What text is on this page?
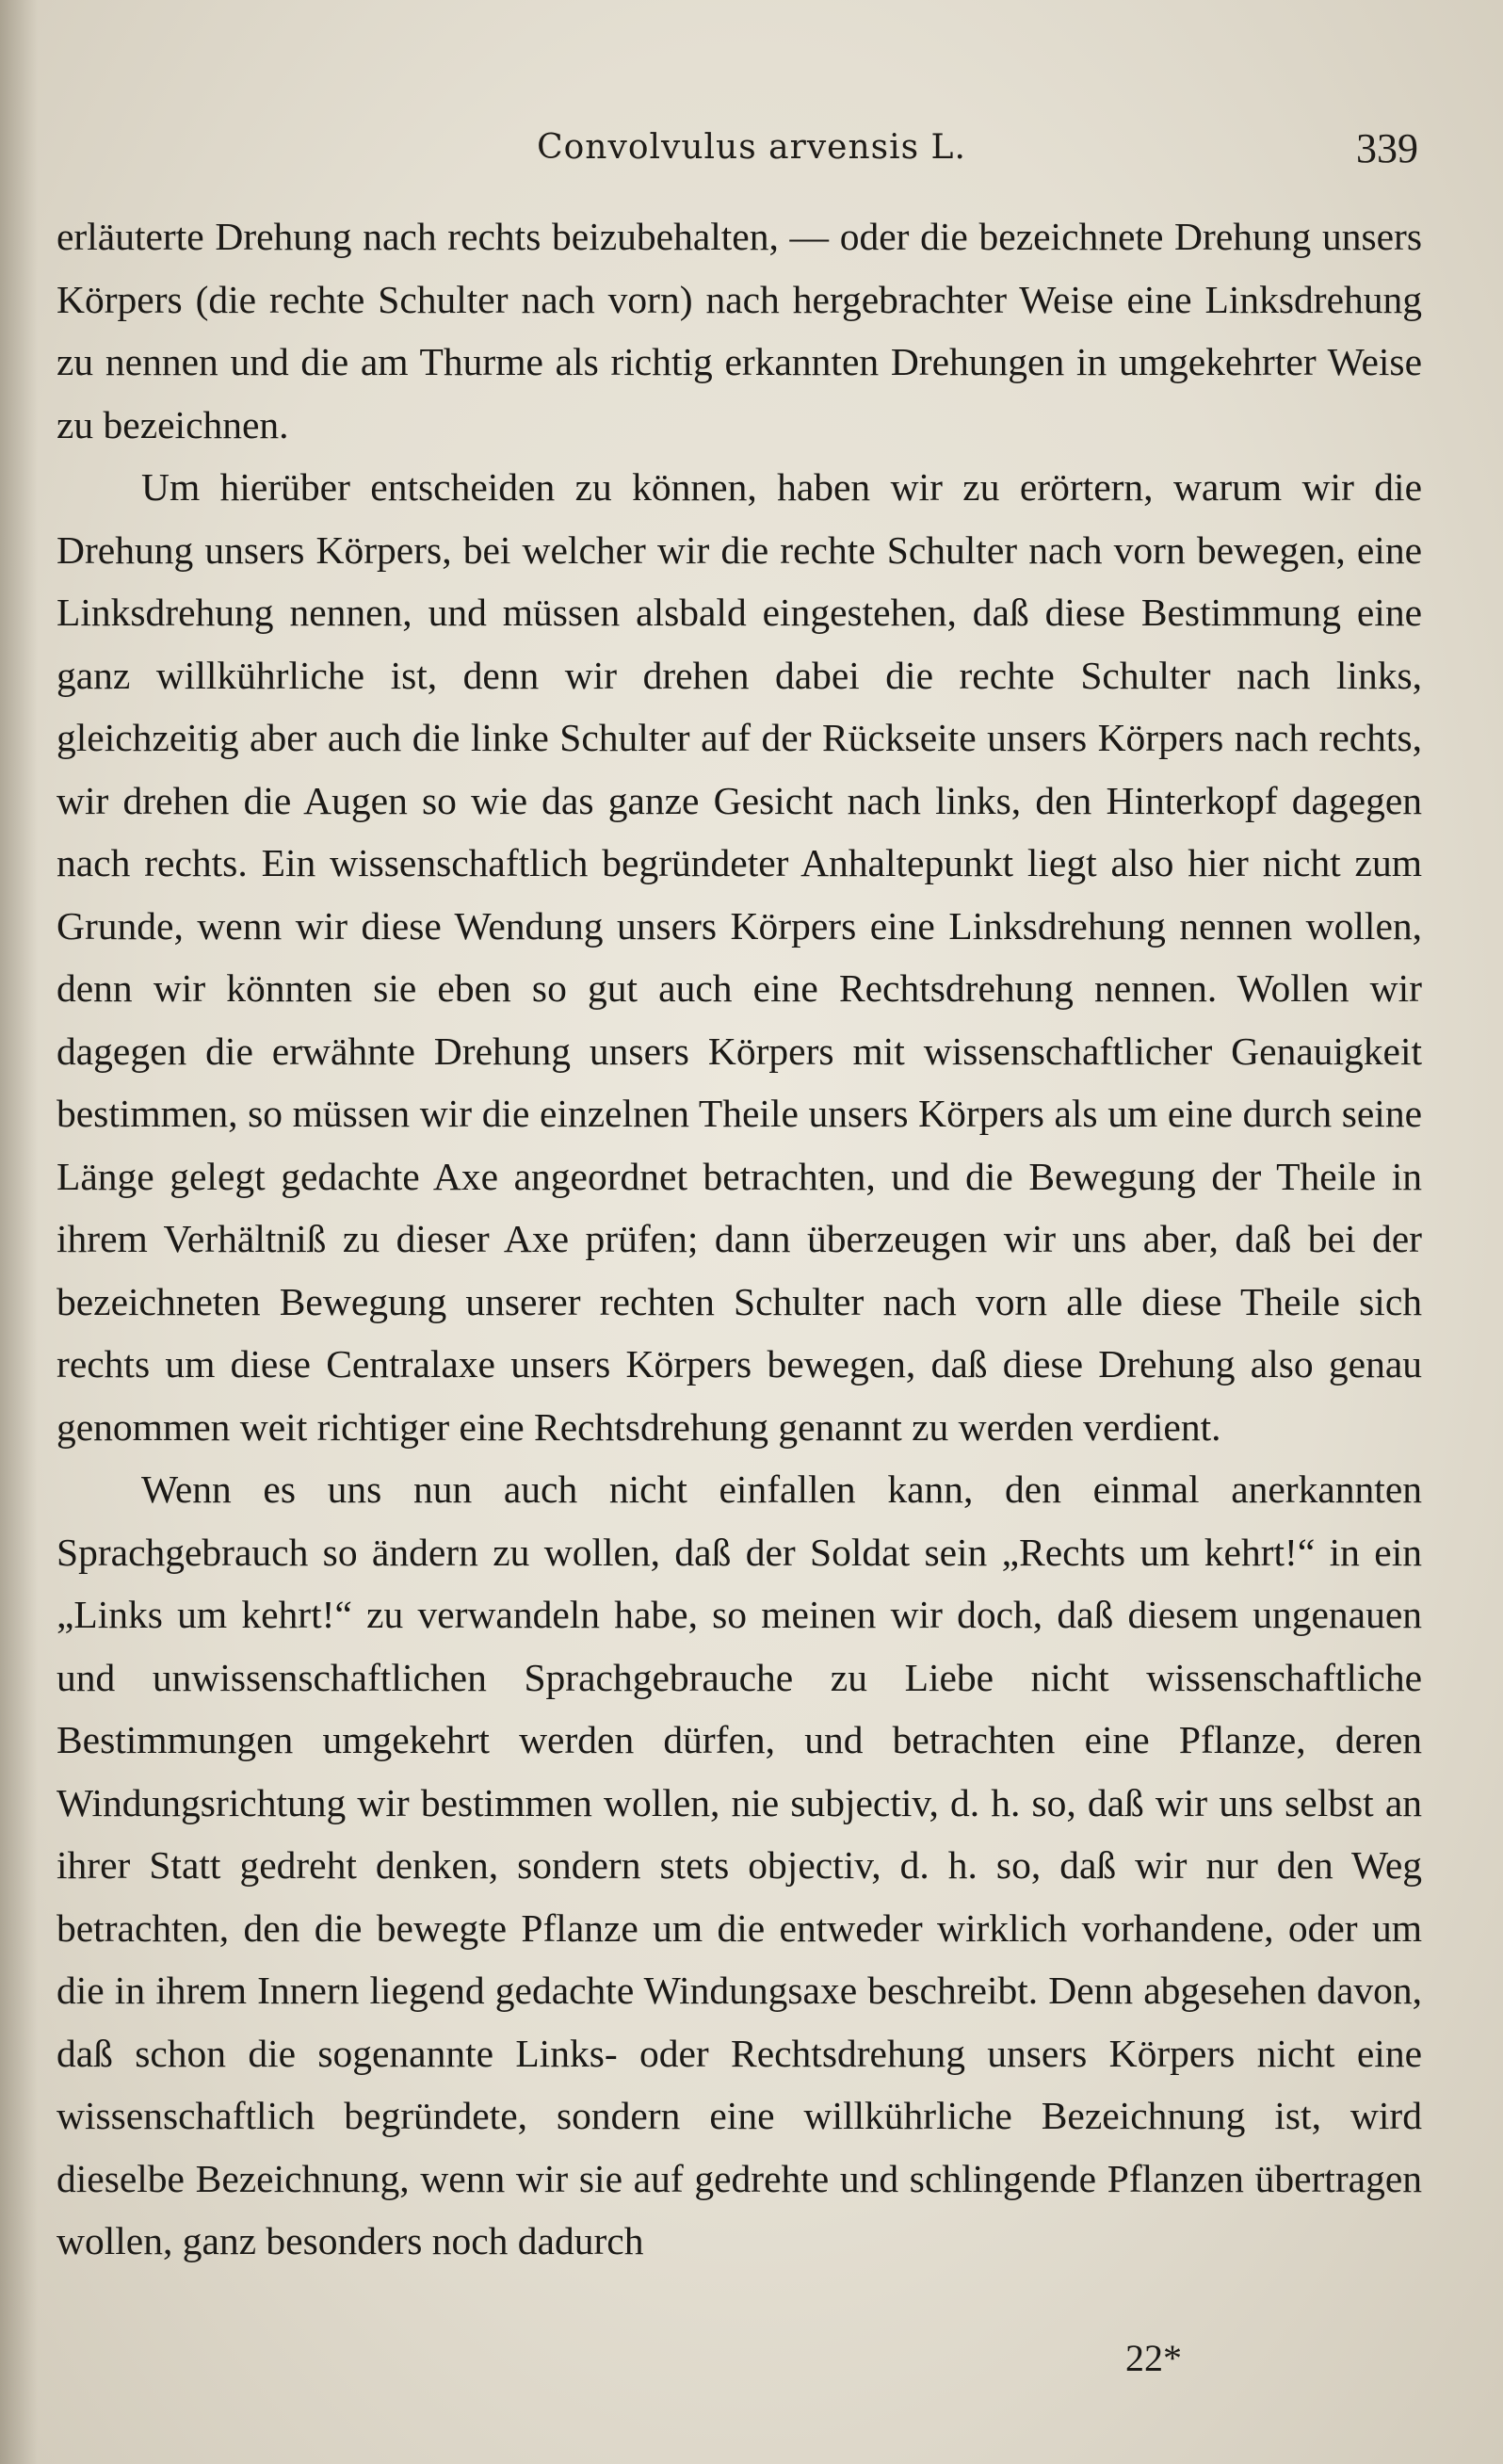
Convolvulus arvensis L.	339

erläuterte Drehung nach rechts beizubehalten, — oder die bezeichnete Drehung unsers Körpers (die rechte Schulter nach vorn) nach hergebrachter Weise eine Linksdrehung zu nennen und die am Thurme als richtig erkannten Drehungen in umgekehrter Weise zu bezeichnen.

Um hierüber entscheiden zu können, haben wir zu erörtern, warum wir die Drehung unsers Körpers, bei welcher wir die rechte Schulter nach vorn bewegen, eine Linksdrehung nennen, und müssen alsbald eingestehen, daß diese Bestimmung eine ganz willkührliche ist, denn wir drehen dabei die rechte Schulter nach links, gleichzeitig aber auch die linke Schulter auf der Rückseite unsers Körpers nach rechts, wir drehen die Augen so wie das ganze Gesicht nach links, den Hinterkopf dagegen nach rechts. Ein wissenschaftlich begründeter Anhaltepunkt liegt also hier nicht zum Grunde, wenn wir diese Wendung unsers Körpers eine Linksdrehung nennen wollen, denn wir könnten sie eben so gut auch eine Rechtsdrehung nennen. Wollen wir dagegen die erwähnte Drehung unsers Körpers mit wissenschaftlicher Genauigkeit bestimmen, so müssen wir die einzelnen Theile unsers Körpers als um eine durch seine Länge gelegt gedachte Axe angeordnet betrachten, und die Bewegung der Theile in ihrem Verhältniß zu dieser Axe prüfen; dann überzeugen wir uns aber, daß bei der bezeichneten Bewegung unserer rechten Schulter nach vorn alle diese Theile sich rechts um diese Centralaxe unsers Körpers bewegen, daß diese Drehung also genau genommen weit richtiger eine Rechtsdrehung genannt zu werden verdient.

Wenn es uns nun auch nicht einfallen kann, den einmal anerkannten Sprachgebrauch so ändern zu wollen, daß der Soldat sein „Rechts um kehrt!“ in ein „Links um kehrt!“ zu verwandeln habe, so meinen wir doch, daß diesem ungenauen und unwissenschaftlichen Sprachgebrauche zu Liebe nicht wissenschaftliche Bestimmungen umgekehrt werden dürfen, und betrachten eine Pflanze, deren Windungsrichtung wir bestimmen wollen, nie subjectiv, d. h. so, daß wir uns selbst an ihrer Statt gedreht denken, sondern stets objectiv, d. h. so, daß wir nur den Weg betrachten, den die bewegte Pflanze um die entweder wirklich vorhandene, oder um die in ihrem Innern liegend gedachte Windungsaxe beschreibt. Denn abgesehen davon, daß schon die sogenannte Links- oder Rechtsdrehung unsers Körpers nicht eine wissenschaftlich begründete, sondern eine willkührliche Bezeichnung ist, wird dieselbe Bezeichnung, wenn wir sie auf gedrehte und schlingende Pflanzen übertragen wollen, ganz besonders noch dadurch

22*
